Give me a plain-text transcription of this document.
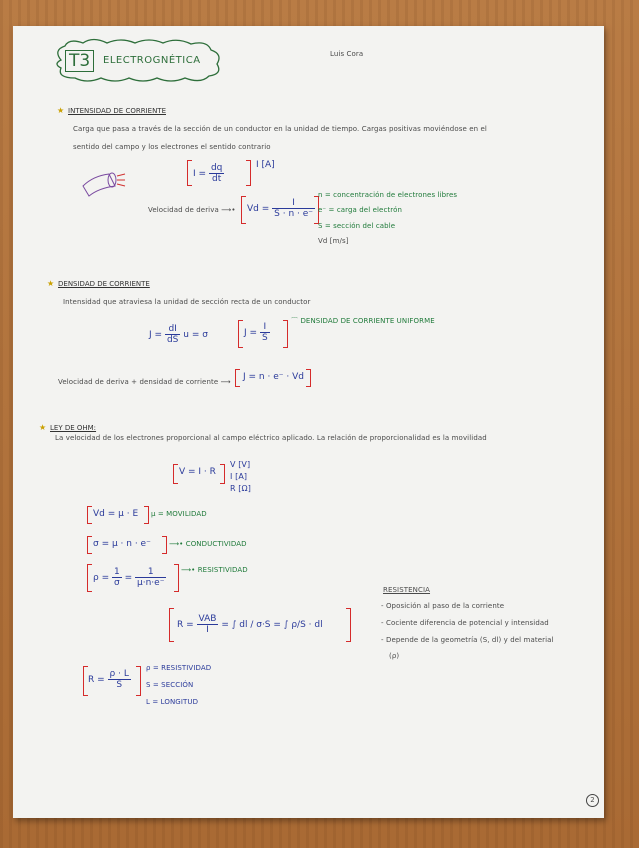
T3	ELECTROGNÉTICA
Luis Cora
★ INTENSIDAD DE CORRIENTE
Carga que pasa a través de la sección de un conductor en la unidad de tiempo. Cargas positivas moviéndose en el
sentido del campo y los electrones el sentido contrario
$I = \frac{dq}{dt}$	I [A]
Velocidad de deriva ⟶• $Vd = \frac{I}{S \cdot n \cdot e^-}$
n = concentración de electrones libres
e⁻ = carga del electrón
S = sección del cable
Vd [m/s]
★ DENSIDAD DE CORRIENTE
Intensidad que atraviesa la unidad de sección recta de un conductor
$J = \frac{dI}{dS}$ u = σ	$J = \frac{I}{S}$
⌒ DENSIDAD DE CORRIENTE UNIFORME
Velocidad de deriva + densidad de corriente ⟶ J = n · e⁻ · Vd
★ LEY DE OHM:
La velocidad de los electrones proporcional al campo eléctrico aplicado. La relación de proporcionalidad es la movilidad
V = I · R
V [V]
I [A]
R [Ω]
Vd = μ · E μ = MOVILIDAD
σ = μ · n · e⁻	⟶• CONDUCTIVIDAD
$\rho = \frac{1}{\sigma} = \frac{1}{\mu\cdot n\cdot e^-}$ ⟶• RESISTIVIDAD
$R = \frac{\text{VAB}}{I}$ = ∫ dl / σ·S = ∫ ρ/S · dl
$R = \frac{\rho \cdot L}{S}$
ρ = RESISTIVIDAD
S = SECCIÓN
L = LONGITUD
RESISTENCIA
- Oposición al paso de la corriente
- Cociente diferencia de potencial y intensidad
- Depende de la geometría (S, dl) y del material
(ρ)
2
